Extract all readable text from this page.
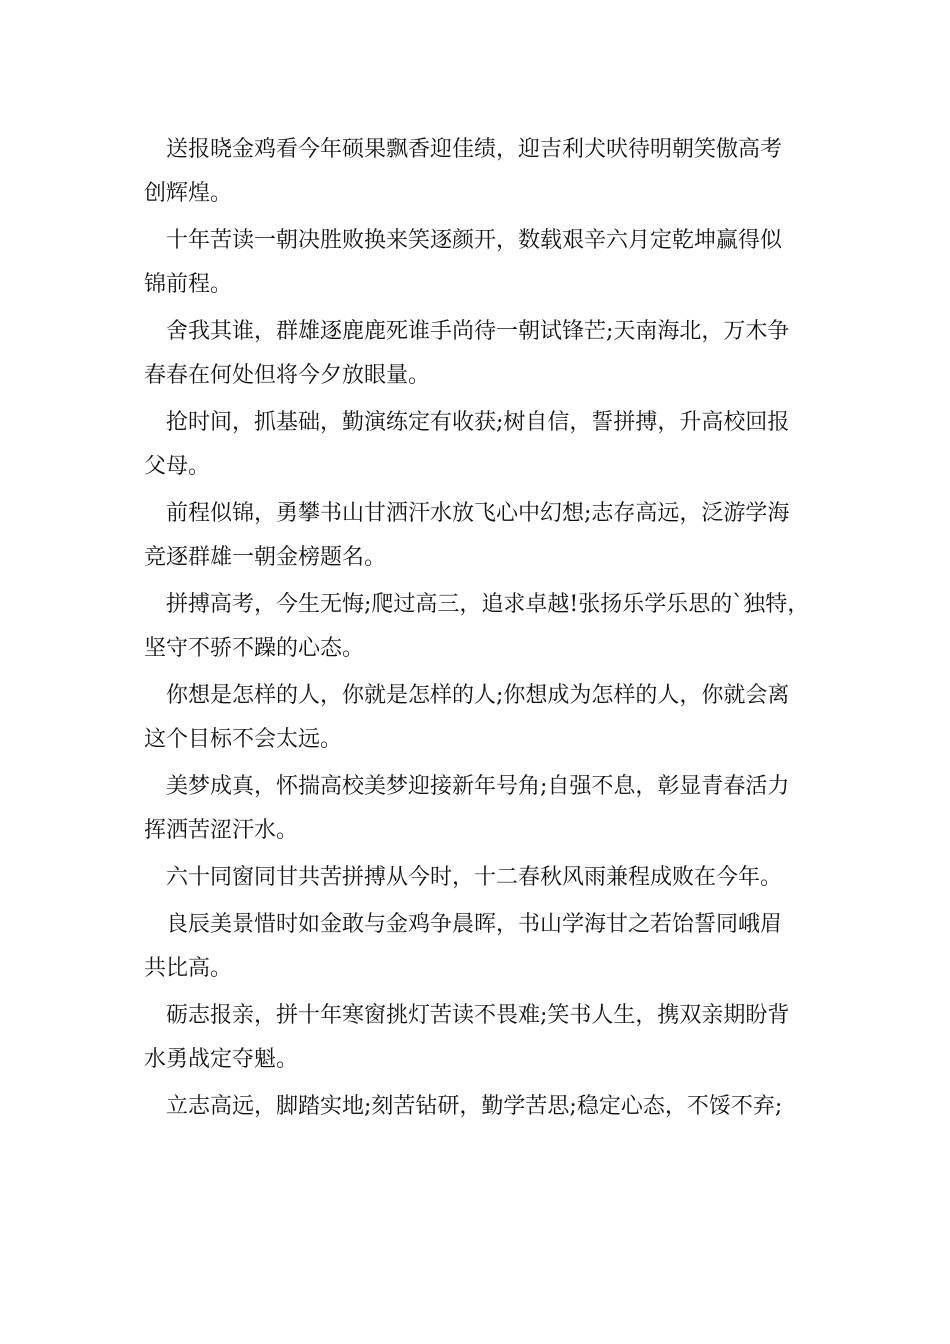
送报晓金鸡看今年硕果飘香迎佳绩，迎吉利犬吠待明朝笑傲高考
创辉煌。

十年苦读一朝决胜败换来笑逐颜开，数载艰辛六月定乾坤赢得似
锦前程。

舍我其谁，群雄逐鹿鹿死谁手尚待一朝试锋芒;天南海北，万木争
春春在何处但将今夕放眼量。

抢时间，抓基础，勤演练定有收获;树自信，誓拼搏，升高校回报
父母。

前程似锦，勇攀书山甘洒汗水放飞心中幻想;志存高远，泛游学海
竞逐群雄一朝金榜题名。

拼搏高考，今生无悔;爬过高三，追求卓越!张扬乐学乐思的`独特，
坚守不骄不躁的心态。

你想是怎样的人，你就是怎样的人;你想成为怎样的人，你就会离
这个目标不会太远。

美梦成真，怀揣高校美梦迎接新年号角;自强不息，彰显青春活力
挥洒苦涩汗水。

六十同窗同甘共苦拼搏从今时，十二春秋风雨兼程成败在今年。

良辰美景惜时如金敢与金鸡争晨晖，书山学海甘之若饴誓同峨眉
共比高。

砺志报亲，拼十年寒窗挑灯苦读不畏难;笑书人生，携双亲期盼背
水勇战定夺魁。

立志高远，脚踏实地;刻苦钻研，勤学苦思;稳定心态，不馁不弃;
